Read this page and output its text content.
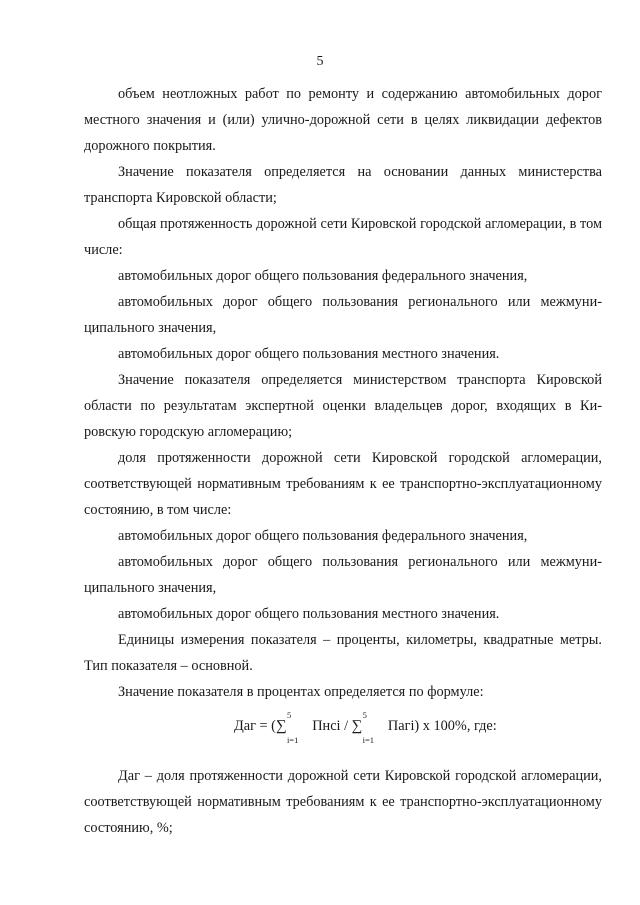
5

объем неотложных работ по ремонту и содержанию автомобильных дорог местного значения и (или) улично-дорожной сети в целях ликвидации дефектов дорожного покрытия.

Значение показателя определяется на основании данных министерства транспорта Кировской области;

общая протяженность дорожной сети Кировской городской агломерации, в том числе:

автомобильных дорог общего пользования федерального значения,

автомобильных дорог общего пользования регионального или межмуниципального значения,

автомобильных дорог общего пользования местного значения.

Значение показателя определяется министерством транспорта Кировской области по результатам экспертной оценки владельцев дорог, входящих в Кировскую городскую агломерацию;

доля протяженности дорожной сети Кировской городской агломерации, соответствующей нормативным требованиям к ее транспортно-эксплуатационному состоянию, в том числе:

автомобильных дорог общего пользования федерального значения,

автомобильных дорог общего пользования регионального или межмуниципального значения,

автомобильных дорог общего пользования местного значения.

Единицы измерения показателя – проценты, километры, квадратные метры. Тип показателя – основной.

Значение показателя в процентах определяется по формуле:

Даг = (∑
5
i=1
Пнсi / ∑
5
i=1
Пагi) x 100%, где:

Даг – доля протяженности дорожной сети Кировской городской агломерации, соответствующей нормативным требованиям к ее транспортно-эксплуатационному состоянию, %;
